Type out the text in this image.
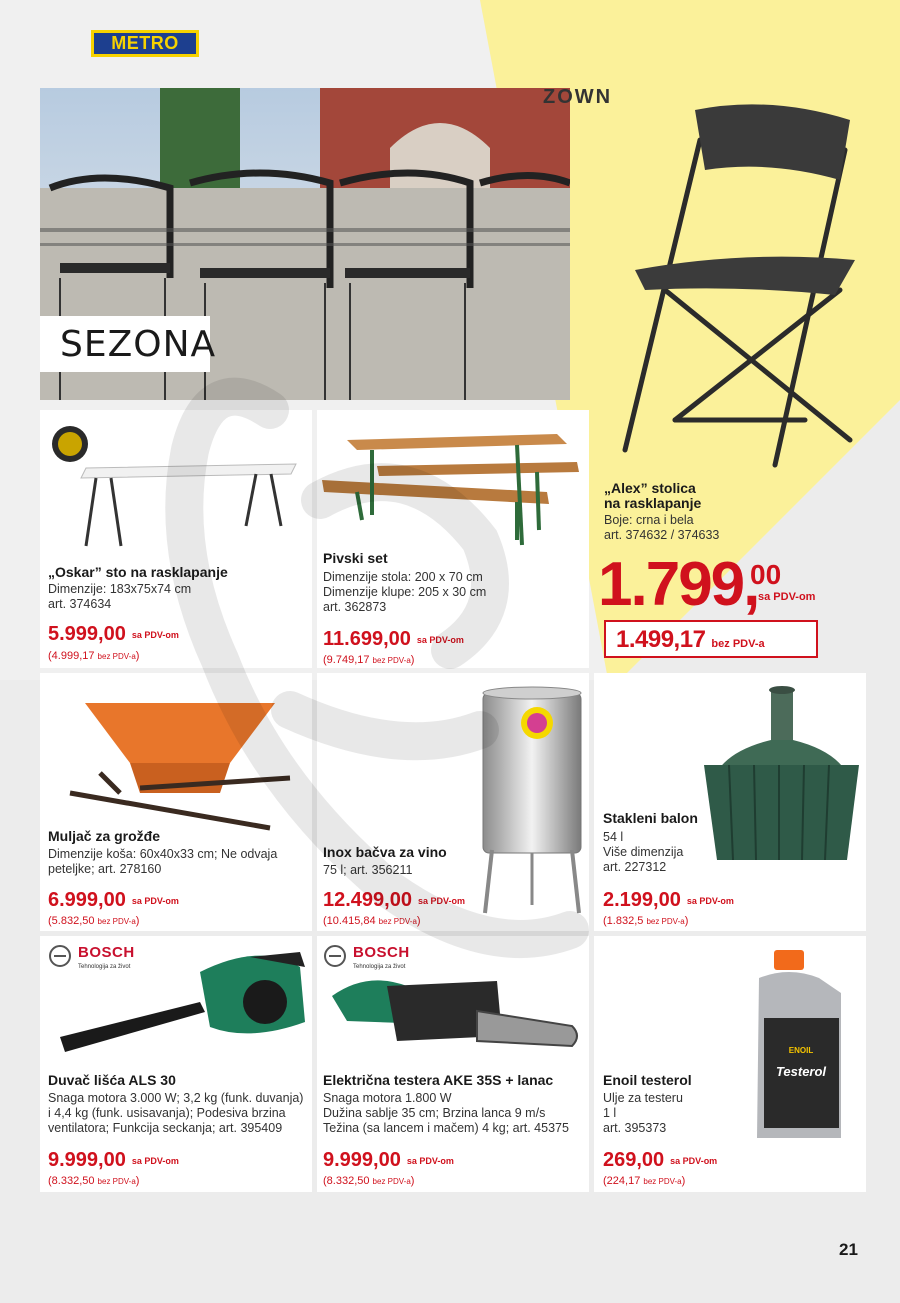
METRO
SEZONA
ZOWN
„Alex” stolica
na rasklapanje
Boje: crna i bela
art. 374632 / 374633
1.799,
00
sa PDV-om
1.499,17 bez PDV-a
„Oskar” sto na rasklapanje
Dimenzije: 183x75x74 cm
art. 374634
5.999,00 sa PDV-om
(4.999,17 bez PDV-a)
Pivski set
Dimenzije stola: 200 x 70 cm
Dimenzije klupe: 205 x 30 cm
art. 362873
11.699,00 sa PDV-om
(9.749,17 bez PDV-a)
Muljač za grožđe
Dimenzije koša: 60x40x33 cm; Ne odvaja
peteljke; art. 278160
6.999,00 sa PDV-om
(5.832,50 bez PDV-a)
Inox bačva za vino
75 l; art. 356211
12.499,00 sa PDV-om
(10.415,84 bez PDV-a)
Stakleni balon
54 l
Više dimenzija
art. 227312
2.199,00 sa PDV-om
(1.832,5 bez PDV-a)
BOSCH
Tehnologija za život
Duvač lišća ALS 30
Snaga motora 3.000 W; 3,2 kg (funk. duvanja)
i 4,4 kg (funk. usisavanja); Podesiva brzina
ventilatora; Funkcija seckanja; art. 395409
9.999,00 sa PDV-om
(8.332,50 bez PDV-a)
BOSCH
Tehnologija za život
Električna testera AKE 35S + lanac
Snaga motora 1.800 W
Dužina sablje 35 cm; Brzina lanca 9 m/s
Težina (sa lancem i mačem) 4 kg; art. 45375
9.999,00 sa PDV-om
(8.332,50 bez PDV-a)
ENOIL
Testerol
Enoil testerol
Ulje za testeru
1 l
art. 395373
269,00 sa PDV-om
(224,17 bez PDV-a)
21
